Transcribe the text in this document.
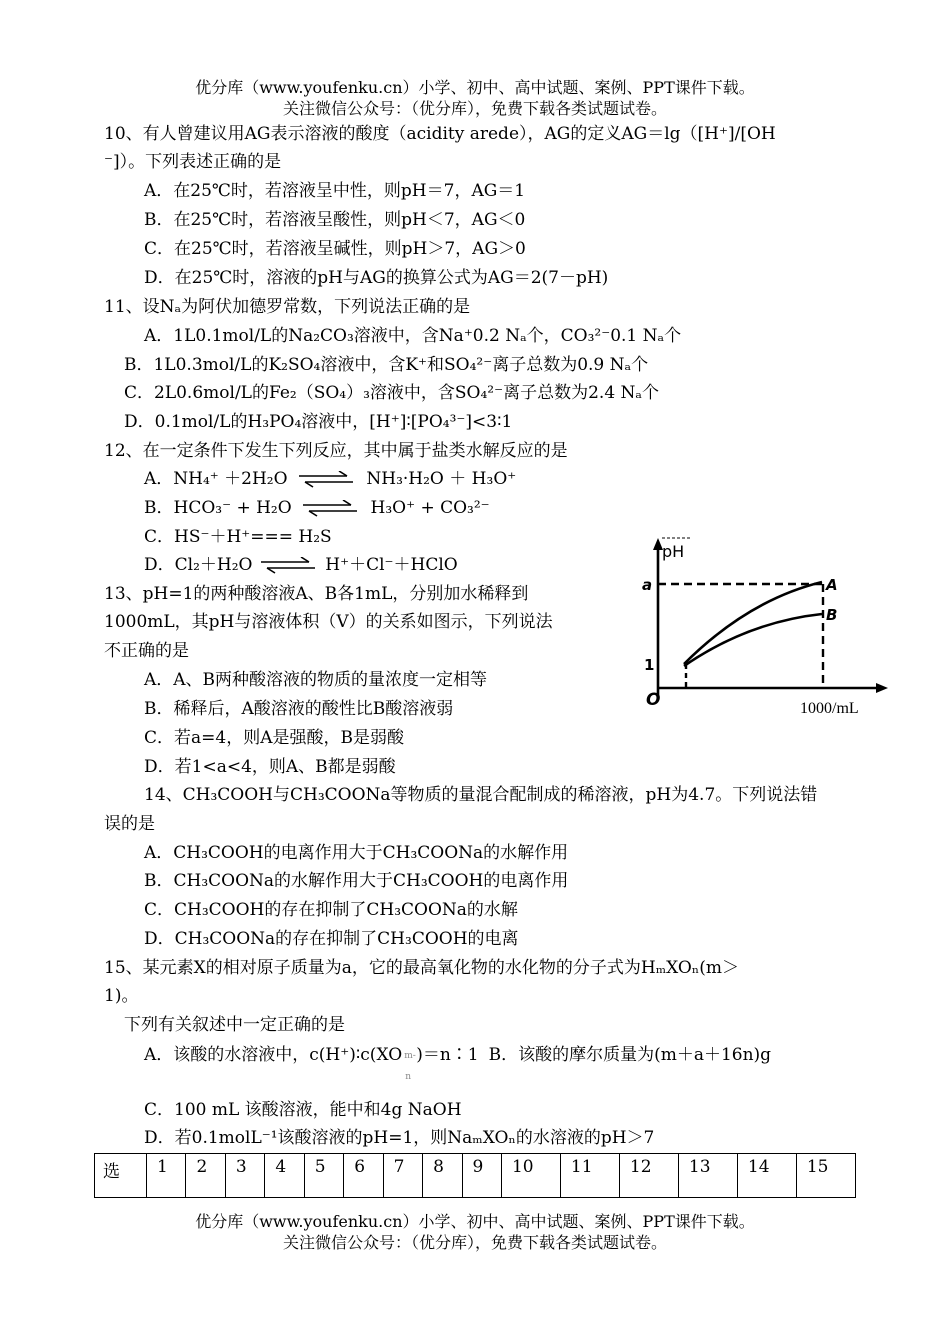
优分库（www.youfenku.cn）小学、初中、高中试题、案例、PPT课件下载。
关注微信公众号：（优分库），免费下载各类试题试卷。
10、有人曾建议用AG表示溶液的酸度（acidity arede），AG的定义AG＝lg（[H⁺]/[OH
⁻]）。下列表述正确的是
A．在25℃时，若溶液呈中性，则pH＝7，AG＝1
B．在25℃时，若溶液呈酸性，则pH＜7，AG＜0
C．在25℃时，若溶液呈碱性，则pH＞7，AG＞0
D．在25℃时，溶液的pH与AG的换算公式为AG＝2(7－pH)
11、设Nₐ为阿伏加德罗常数，下列说法正确的是
A．1L0.1mol/L的Na₂CO₃溶液中，含Na⁺0.2 Nₐ个，CO₃²⁻0.1 Nₐ个
B．1L0.3mol/L的K₂SO₄溶液中，含K⁺和SO₄²⁻离子总数为0.9 Nₐ个
C．2L0.6mol/L的Fe₂（SO₄）₃溶液中，含SO₄²⁻离子总数为2.4 Nₐ个
D．0.1mol/L的H₃PO₄溶液中，[H⁺]∶[PO₄³⁻]<3∶1
12、在一定条件下发生下列反应，其中属于盐类水解反应的是
A．NH₄⁺ ＋2H₂O	NH₃·H₂O ＋ H₃O⁺
B．HCO₃⁻ + H₂O	H₃O⁺ + CO₃²⁻
C．HS⁻＋H⁺=== H₂S
D．Cl₂＋H₂O	H⁺＋Cl⁻＋HClO
13、pH=1的两种酸溶液A、B各1mL，分别加水稀释到
1000mL，其pH与溶液体积（V）的关系如图示，下列说法
不正确的是
A．A、B两种酸溶液的物质的量浓度一定相等
B．稀释后，A酸溶液的酸性比B酸溶液弱
C．若a=4，则A是强酸，B是弱酸
D．若1<a<4，则A、B都是弱酸
pH
a
1
O
A
B
1000/mL
14、CH₃COOH与CH₃COONa等物质的量混合配制成的稀溶液，pH为4.7。下列说法错
误的是
A．CH₃COOH的电离作用大于CH₃COONa的水解作用
B．CH₃COONa的水解作用大于CH₃COOH的电离作用
C．CH₃COOH的存在抑制了CH₃COONa的水解
D．CH₃COONa的存在抑制了CH₃COOH的电离
15、某元素X的相对原子质量为a，它的最高氧化物的水化物的分子式为HₘXOₙ(m＞
1)。
下列有关叙述中一定正确的是
A．该酸的水溶液中，c(H⁺)∶c(XO m-
n
)＝n∶1 B．该酸的摩尔质量为(m＋a＋16n)g
C．100 mL 该酸溶液，能中和4g NaOH
D．若0.1molL⁻¹该酸溶液的pH=1，则NaₘXOₙ的水溶液的pH＞7
选	1	2	3	4	5	6	7	8	9	10	11	12	13	14	15
优分库（www.youfenku.cn）小学、初中、高中试题、案例、PPT课件下载。
关注微信公众号：（优分库），免费下载各类试题试卷。
